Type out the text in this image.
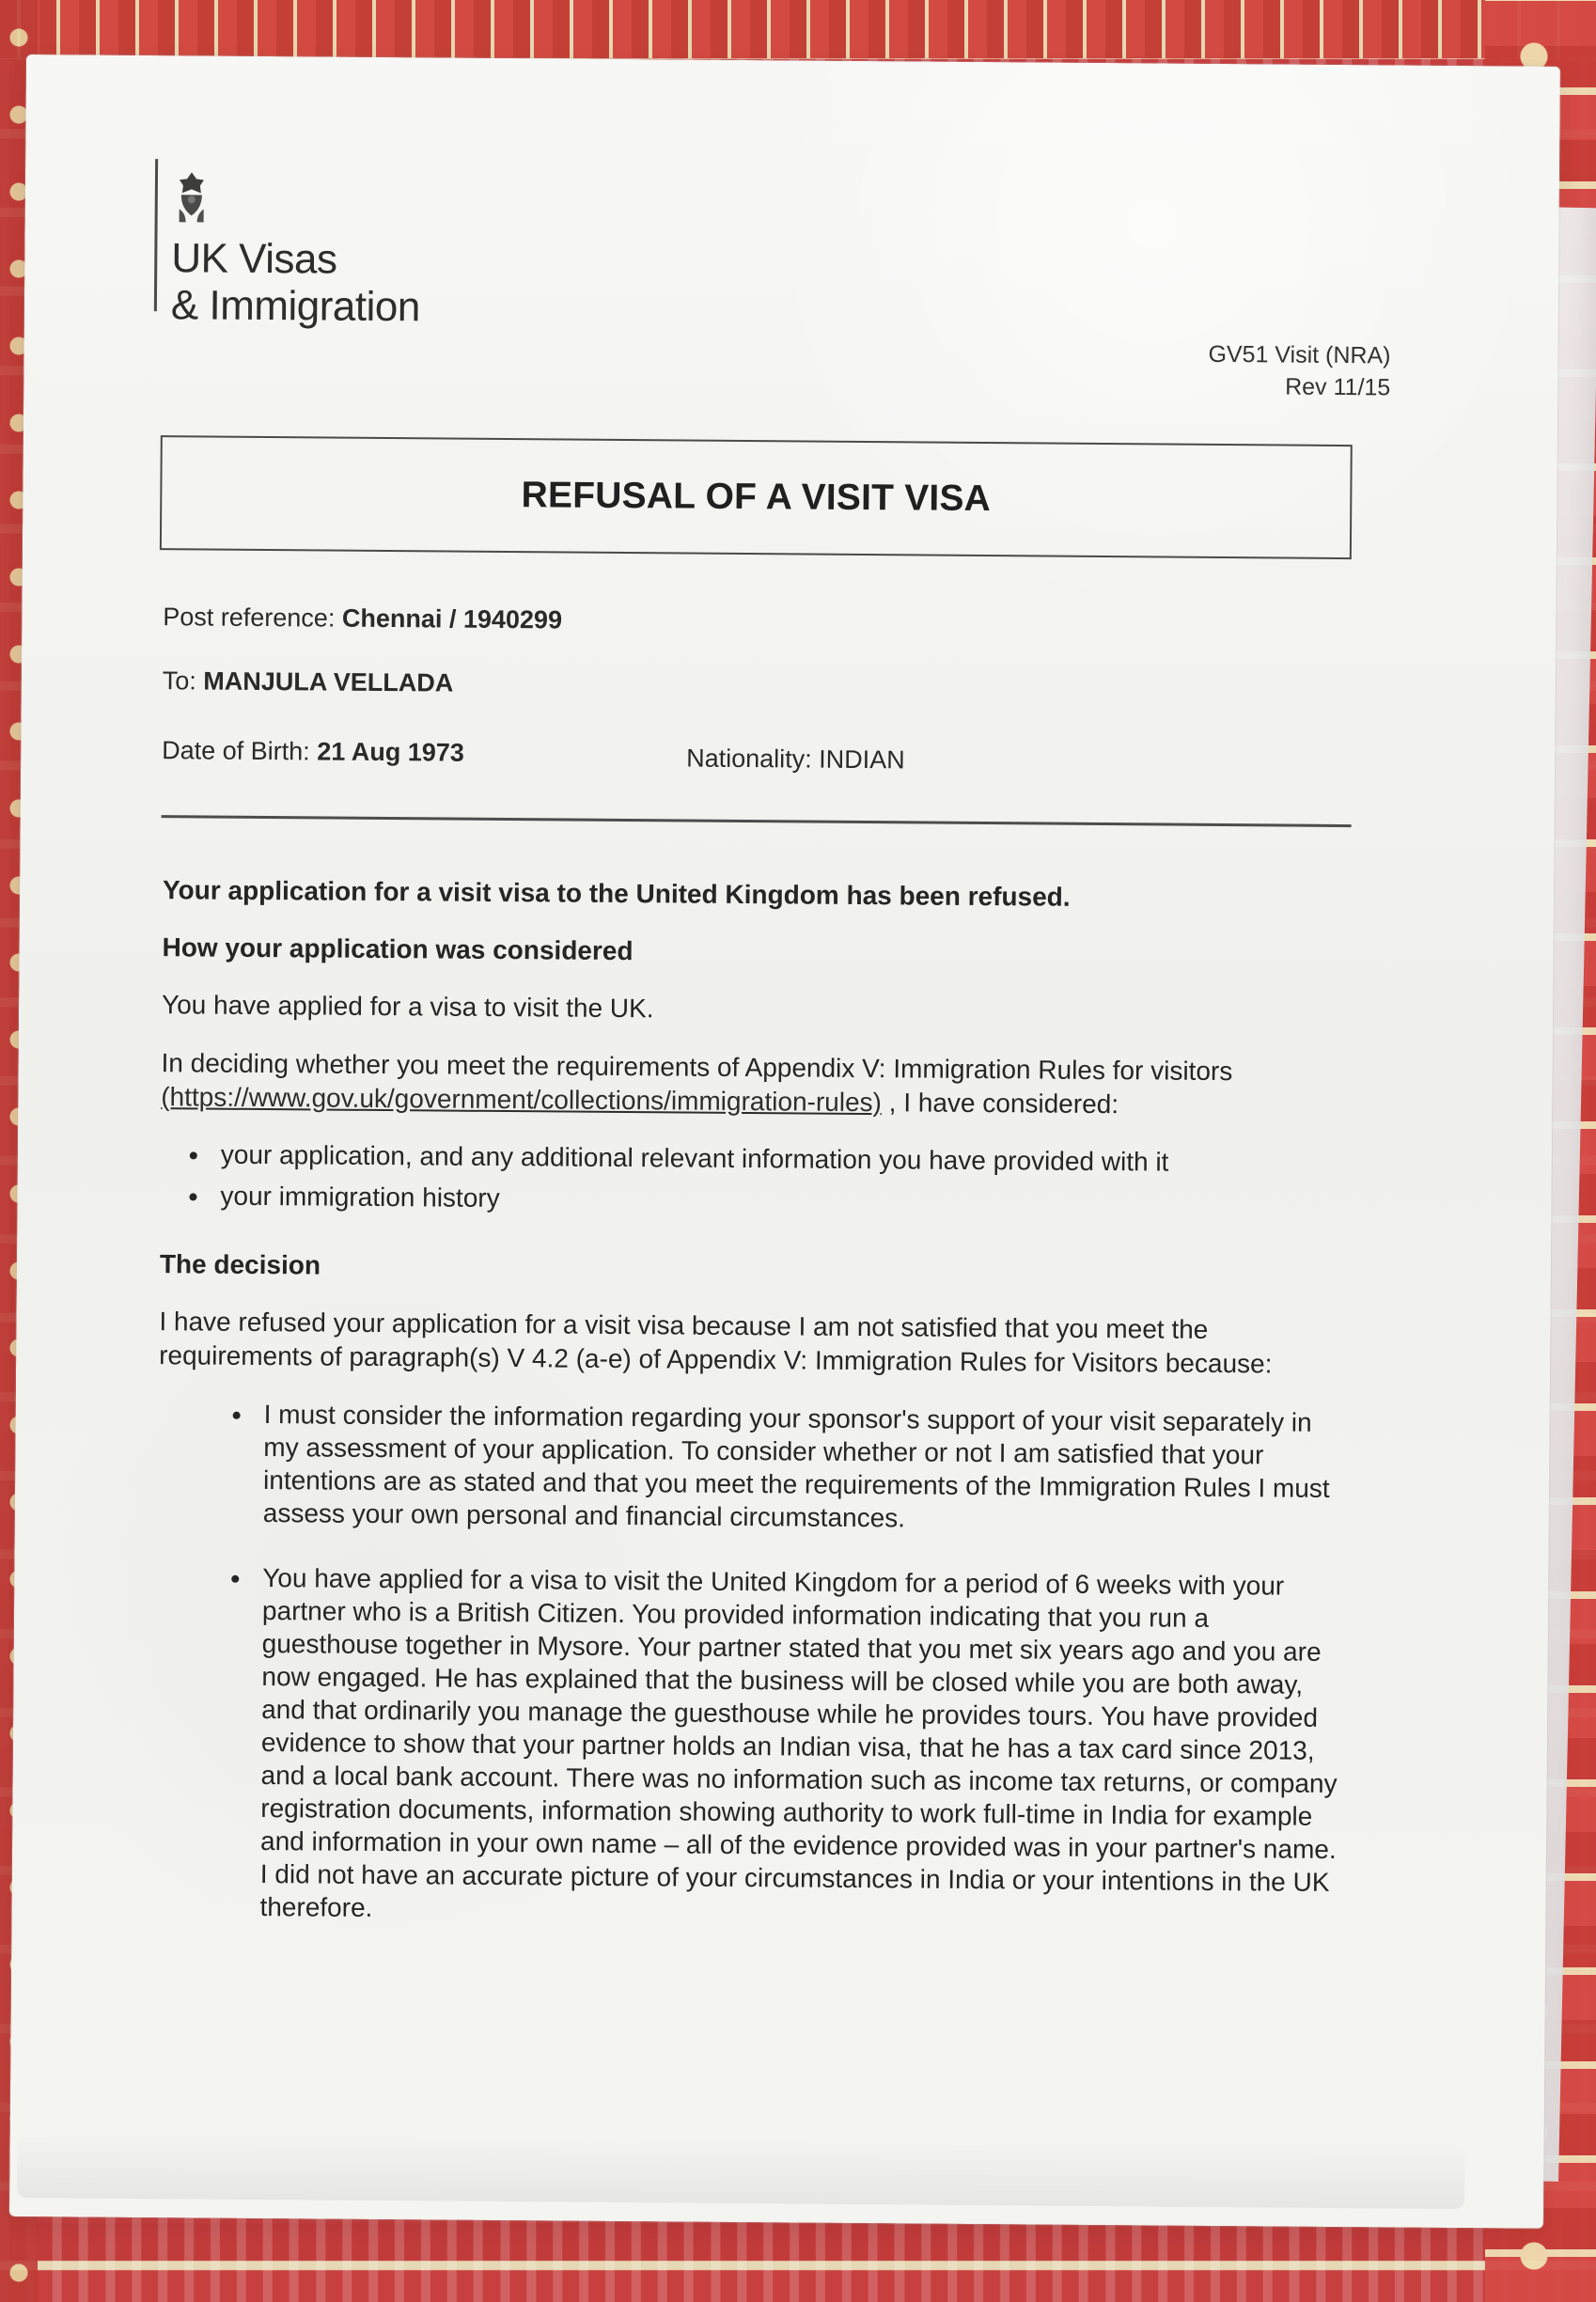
UK Visas
& Immigration
GV51 Visit (NRA)
Rev 11/15
REFUSAL OF A VISIT VISA
Post reference: Chennai / 1940299
To: MANJULA VELLADA
Date of Birth: 21 Aug 1973	Nationality: INDIAN

Your application for a visit visa to the United Kingdom has been refused.

How your application was considered

You have applied for a visa to visit the UK.

In deciding whether you meet the requirements of Appendix V: Immigration Rules for visitors
(https://www.gov.uk/government/collections/immigration-rules) , I have considered:

• your application, and any additional relevant information you have provided with it
• your immigration history

The decision

I have refused your application for a visit visa because I am not satisfied that you meet the requirements of paragraph(s) V 4.2 (a-e) of Appendix V: Immigration Rules for Visitors because:

• I must consider the information regarding your sponsor's support of your visit separately in my assessment of your application. To consider whether or not I am satisfied that your intentions are as stated and that you meet the requirements of the Immigration Rules I must assess your own personal and financial circumstances.
• You have applied for a visa to visit the United Kingdom for a period of 6 weeks with your partner who is a British Citizen. You provided information indicating that you run a guesthouse together in Mysore. Your partner stated that you met six years ago and you are now engaged. He has explained that the business will be closed while you are both away, and that ordinarily you manage the guesthouse while he provides tours. You have provided evidence to show that your partner holds an Indian visa, that he has a tax card since 2013, and a local bank account. There was no information such as income tax returns, or company registration documents, information showing authority to work full-time in India for example and information in your own name – all of the evidence provided was in your partner's name. I did not have an accurate picture of your circumstances in India or your intentions in the UK therefore.
